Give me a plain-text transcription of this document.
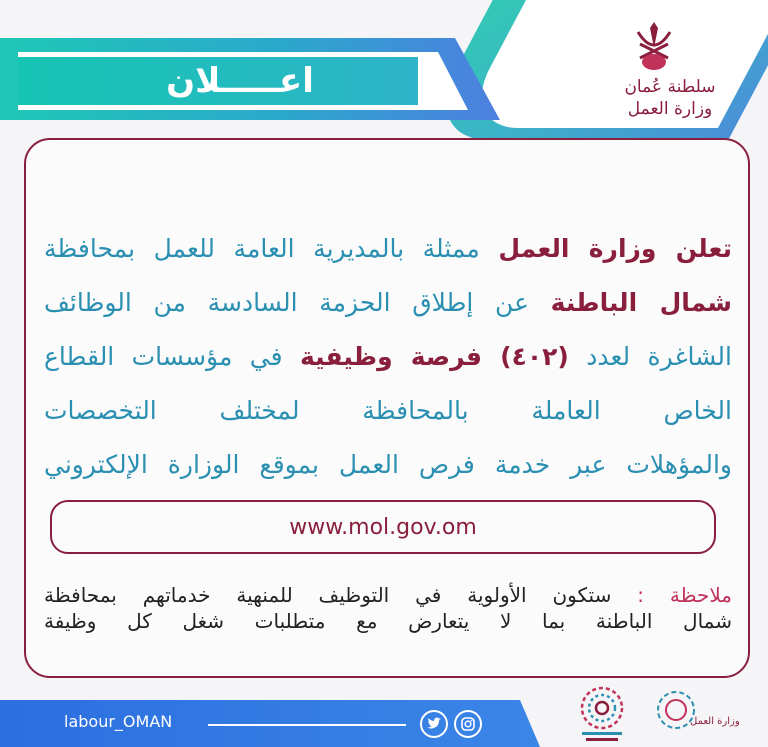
سلطنة عُمان
وزارة العمل
اعـــــلان
تعلن وزارة العمل ممثلة بالمديرية العامة للعمل بمحافظة
شمال الباطنة عن إطلاق الحزمة السادسة من الوظائف
الشاغرة لعدد (٤٠٢) فرصة وظيفية في مؤسسات القطاع
الخاص العاملة بالمحافظة لمختلف التخصصات
والمؤهلات عبر خدمة فرص العمل بموقع الوزارة الإلكتروني
www.mol.gov.om
ملاحظة : ستكون الأولوية في التوظيف للمنهية خدماتهم بمحافظة
شمال الباطنة بما لا يتعارض مع متطلبات شغل كل وظيفة
labour_OMAN	وزارة العمل
